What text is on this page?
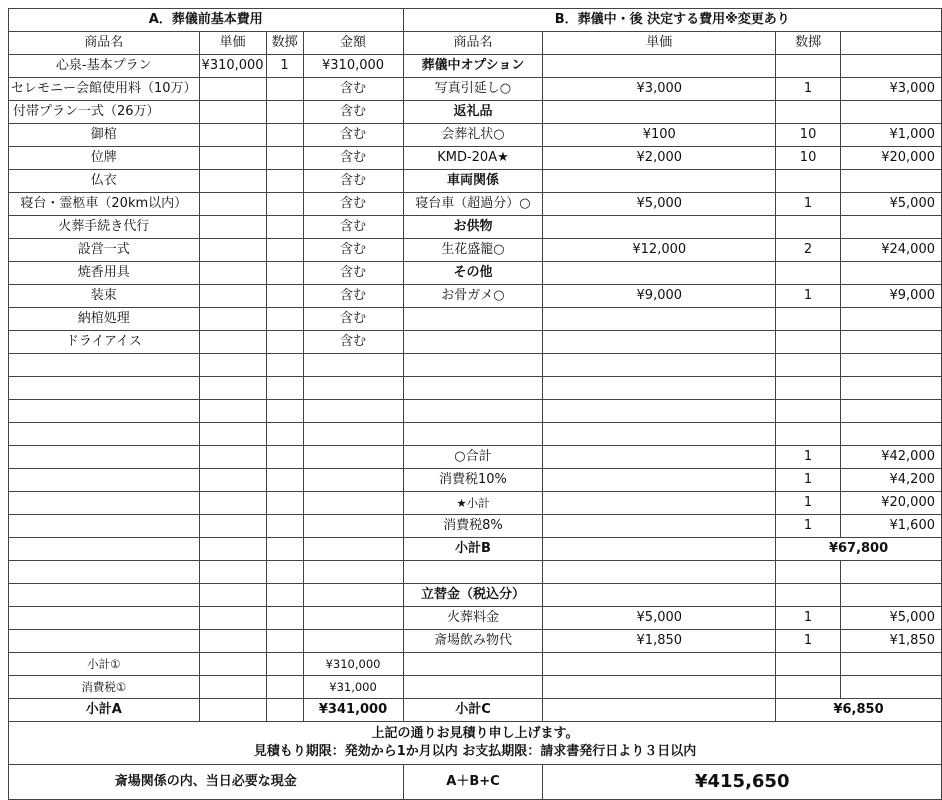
A．葬儀前基本費用				B．葬儀中・後 決定する費用※変更あり			
商品名	単価	数掷	金額	商品名	単価	数掷	
心泉-基本プラン	¥310,000	1	¥310,000	葬儀中オプション			
セレモニー会館使用料（10万）			含む	写真引延し○	¥3,000	1	¥3,000
付帯プラン一式（26万）			含む	返礼品			
御棺			含む	会葬礼状○	¥100	10	¥1,000
位牌			含む	KMD-20A★	¥2,000	10	¥20,000
仏衣			含む	車両関係			
寝台・霊柩車（20km以内）			含む	寝台車（超過分）○	¥5,000	1	¥5,000
火葬手続き代行			含む	お供物			
設営一式			含む	生花盛籠○	¥12,000	2	¥24,000
焼香用具			含む	その他			
装束			含む	お骨ガメ○	¥9,000	1	¥9,000
納棺処理			含む				
ドライアイス			含む				

				○合計		1	¥42,000
				消費税10%		1	¥4,200
				★小計		1	¥20,000
				消費税8%		1	¥1,600
				小計B		¥67,800	

				立替金（税込分）			
				火葬料金	¥5,000	1	¥5,000
				斎場飲み物代	¥1,850	1	¥1,850
小計①			¥310,000				
消費税①			¥31,000				
小計A			¥341,000	小計C		¥6,850	

上記の通りお見積り申し上げます。
見積もり期限：発効から1か月以内 お支払期限：請求書発行日より３日以内							

斎場関係の内、当日必要な現金				A＋B+C	¥415,650		
